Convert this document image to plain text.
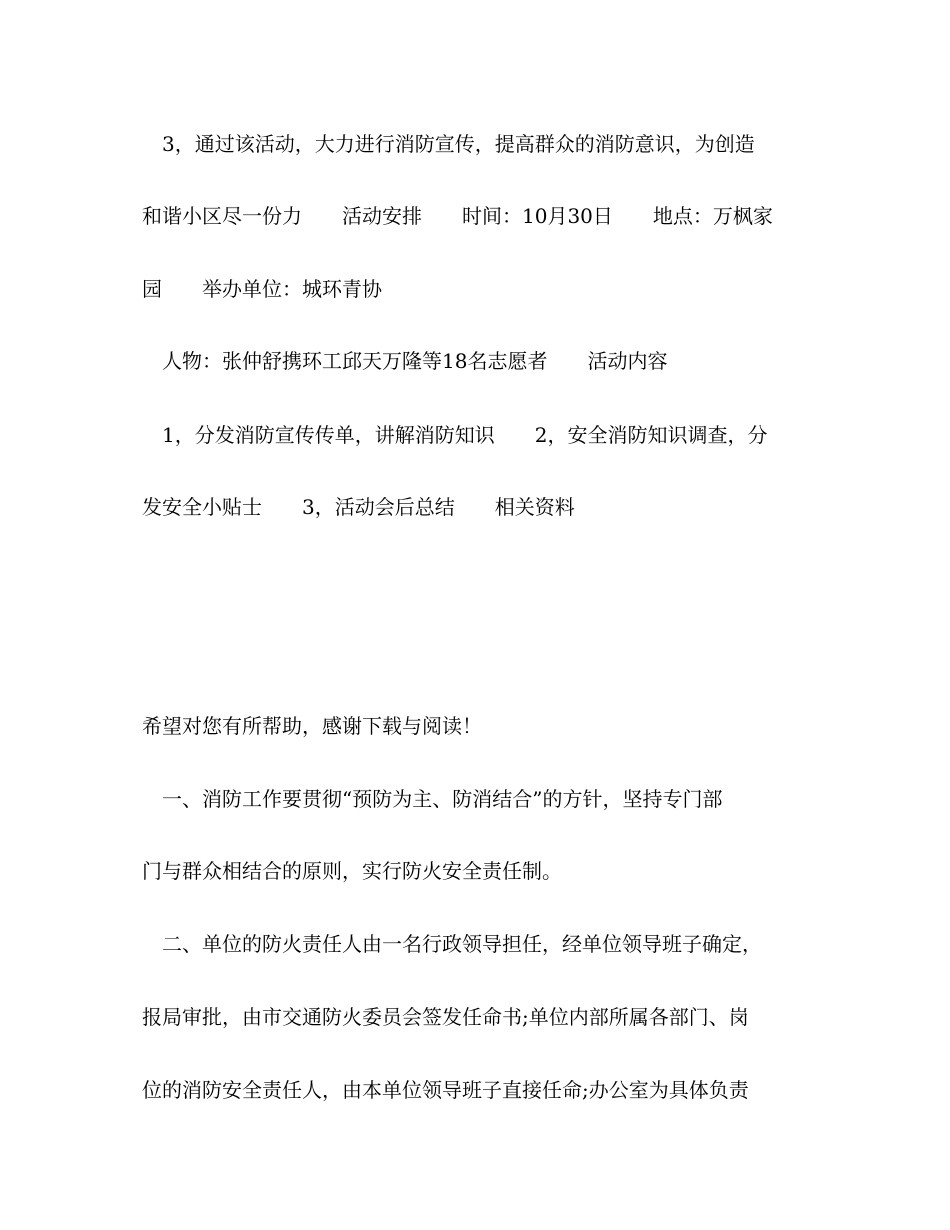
3，通过该活动，大力进行消防宣传，提高群众的消防意识，为创造
和谐小区尽一份力　　活动安排　　时间：10月30日　　地点：万枫家
园　　举办单位：城环青协
人物：张仲舒携环工邱天万隆等18名志愿者　　活动内容
1，分发消防宣传传单，讲解消防知识　　2，安全消防知识调查，分
发安全小贴士　　3，活动会后总结　　相关资料
希望对您有所帮助，感谢下载与阅读！
一、消防工作要贯彻“预防为主、防消结合”的方针，坚持专门部
门与群众相结合的原则，实行防火安全责任制。
二、单位的防火责任人由一名行政领导担任，经单位领导班子确定，
报局审批，由市交通防火委员会签发任命书;单位内部所属各部门、岗
位的消防安全责任人，由本单位领导班子直接任命;办公室为具体负责
